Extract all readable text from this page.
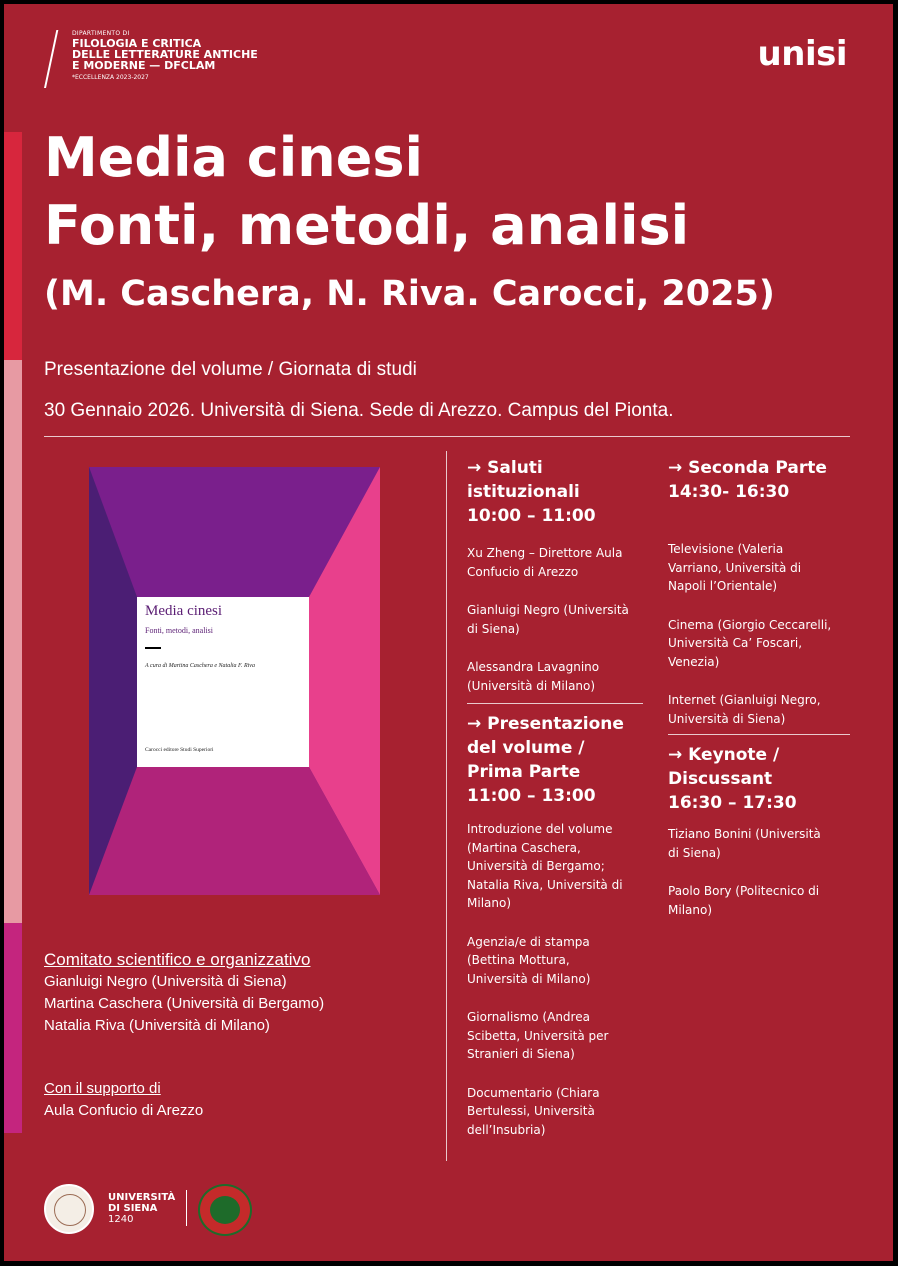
DIPARTIMENTO DI
FILOLOGIA E CRITICA
DELLE LETTERATURE ANTICHE
E MODERNE — DFCLAM
*ECCELLENZA 2023-2027
unisi
Media cinesi
Fonti, metodi, analisi
(M. Caschera, N. Riva. Carocci, 2025)
Presentazione del volume / Giornata di studi
30 Gennaio 2026. Università di Siena. Sede di Arezzo. Campus del Pionta.
Media cinesi
Fonti, metodi, analisi
A cura di Martina Caschera e Natalia F. Riva
Carocci editore Studi Superiori
Comitato scientifico e organizzativo
Gianluigi Negro (Università di Siena)
Martina Caschera (Università di Bergamo)
Natalia Riva (Università di Milano)
Con il supporto di
Aula Confucio di Arezzo
UNIVERSITÀ
DI SIENA
1240
→ Saluti
istituzionali
10:00 – 11:00
Xu Zheng – Direttore Aula
Confucio di Arezzo
Gianluigi Negro (Università
di Siena)
Alessandra Lavagnino
(Università di Milano)
→ Presentazione
del volume /
Prima Parte
11:00 – 13:00
Introduzione del volume
(Martina Caschera,
Università di Bergamo;
Natalia Riva, Università di
Milano)
Agenzia/e di stampa
(Bettina Mottura,
Università di Milano)
Giornalismo (Andrea
Scibetta, Università per
Stranieri di Siena)
Documentario (Chiara
Bertulessi, Università
dell’Insubria)
→ Seconda Parte
14:30- 16:30
Televisione (Valeria
Varriano, Università di
Napoli l’Orientale)
Cinema (Giorgio Ceccarelli,
Università Ca’ Foscari,
Venezia)
Internet (Gianluigi Negro,
Università di Siena)
→ Keynote /
Discussant
16:30 – 17:30
Tiziano Bonini (Università
di Siena)
Paolo Bory (Politecnico di
Milano)
